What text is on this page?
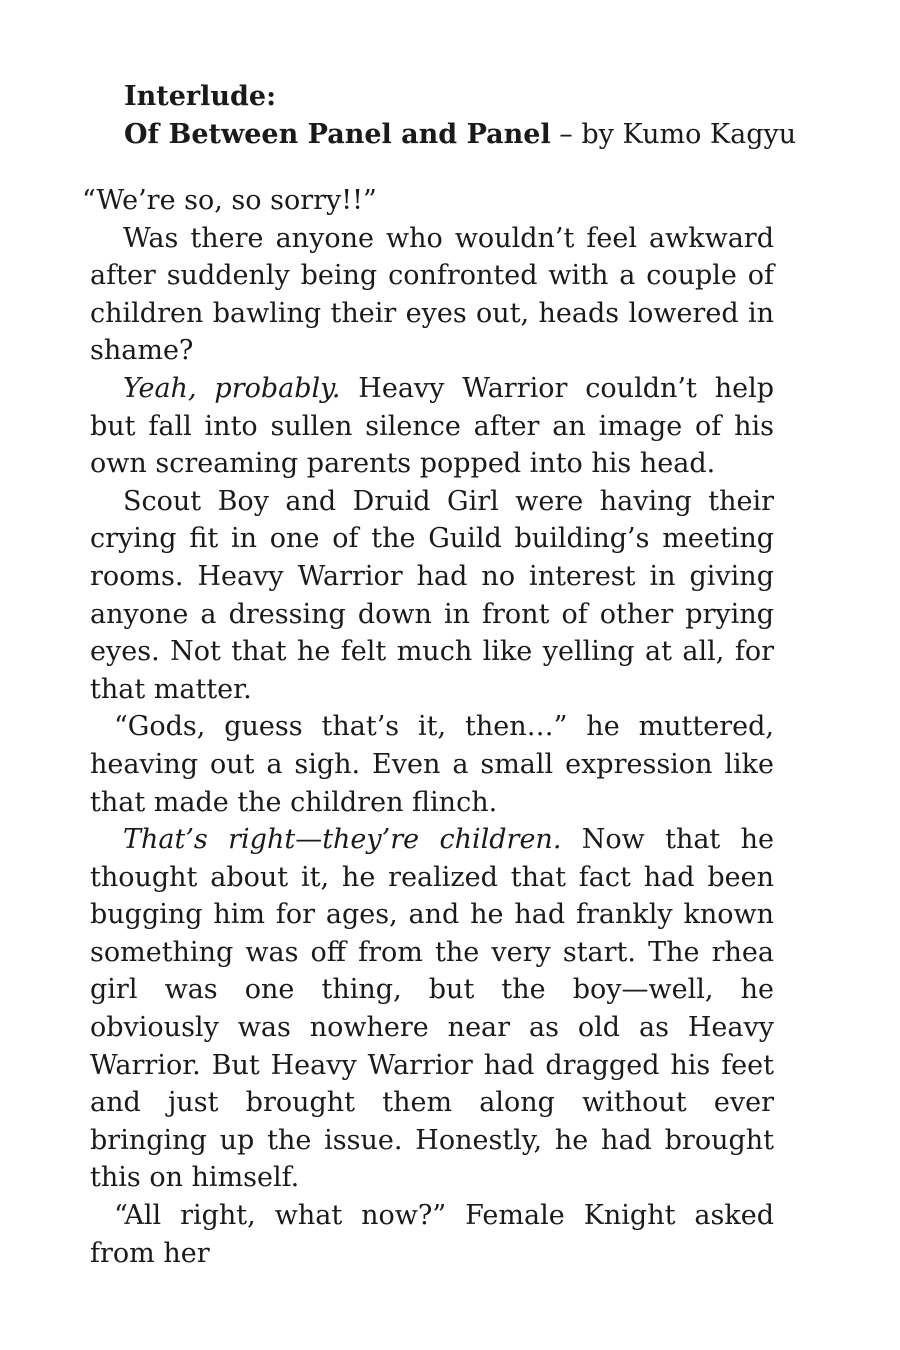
Interlude:
Of Between Panel and Panel – by Kumo Kagyu

“We’re so, so sorry!!”

Was there anyone who wouldn’t feel awkward after suddenly being confronted with a couple of children bawling their eyes out, heads lowered in shame?

Yeah, probably. Heavy Warrior couldn’t help but fall into sullen silence after an image of his own screaming parents popped into his head.

Scout Boy and Druid Girl were having their crying fit in one of the Guild building’s meeting rooms. Heavy Warrior had no interest in giving anyone a dressing down in front of other prying eyes. Not that he felt much like yelling at all, for that matter.

“Gods, guess that’s it, then…” he muttered, heaving out a sigh. Even a small expression like that made the children flinch.

That’s right—they’re children. Now that he thought about it, he realized that fact had been bugging him for ages, and he had frankly known something was off from the very start. The rhea girl was one thing, but the boy—well, he obviously was nowhere near as old as Heavy Warrior. But Heavy Warrior had dragged his feet and just brought them along without ever bringing up the issue. Honestly, he had brought this on himself.

“All right, what now?” Female Knight asked from her
